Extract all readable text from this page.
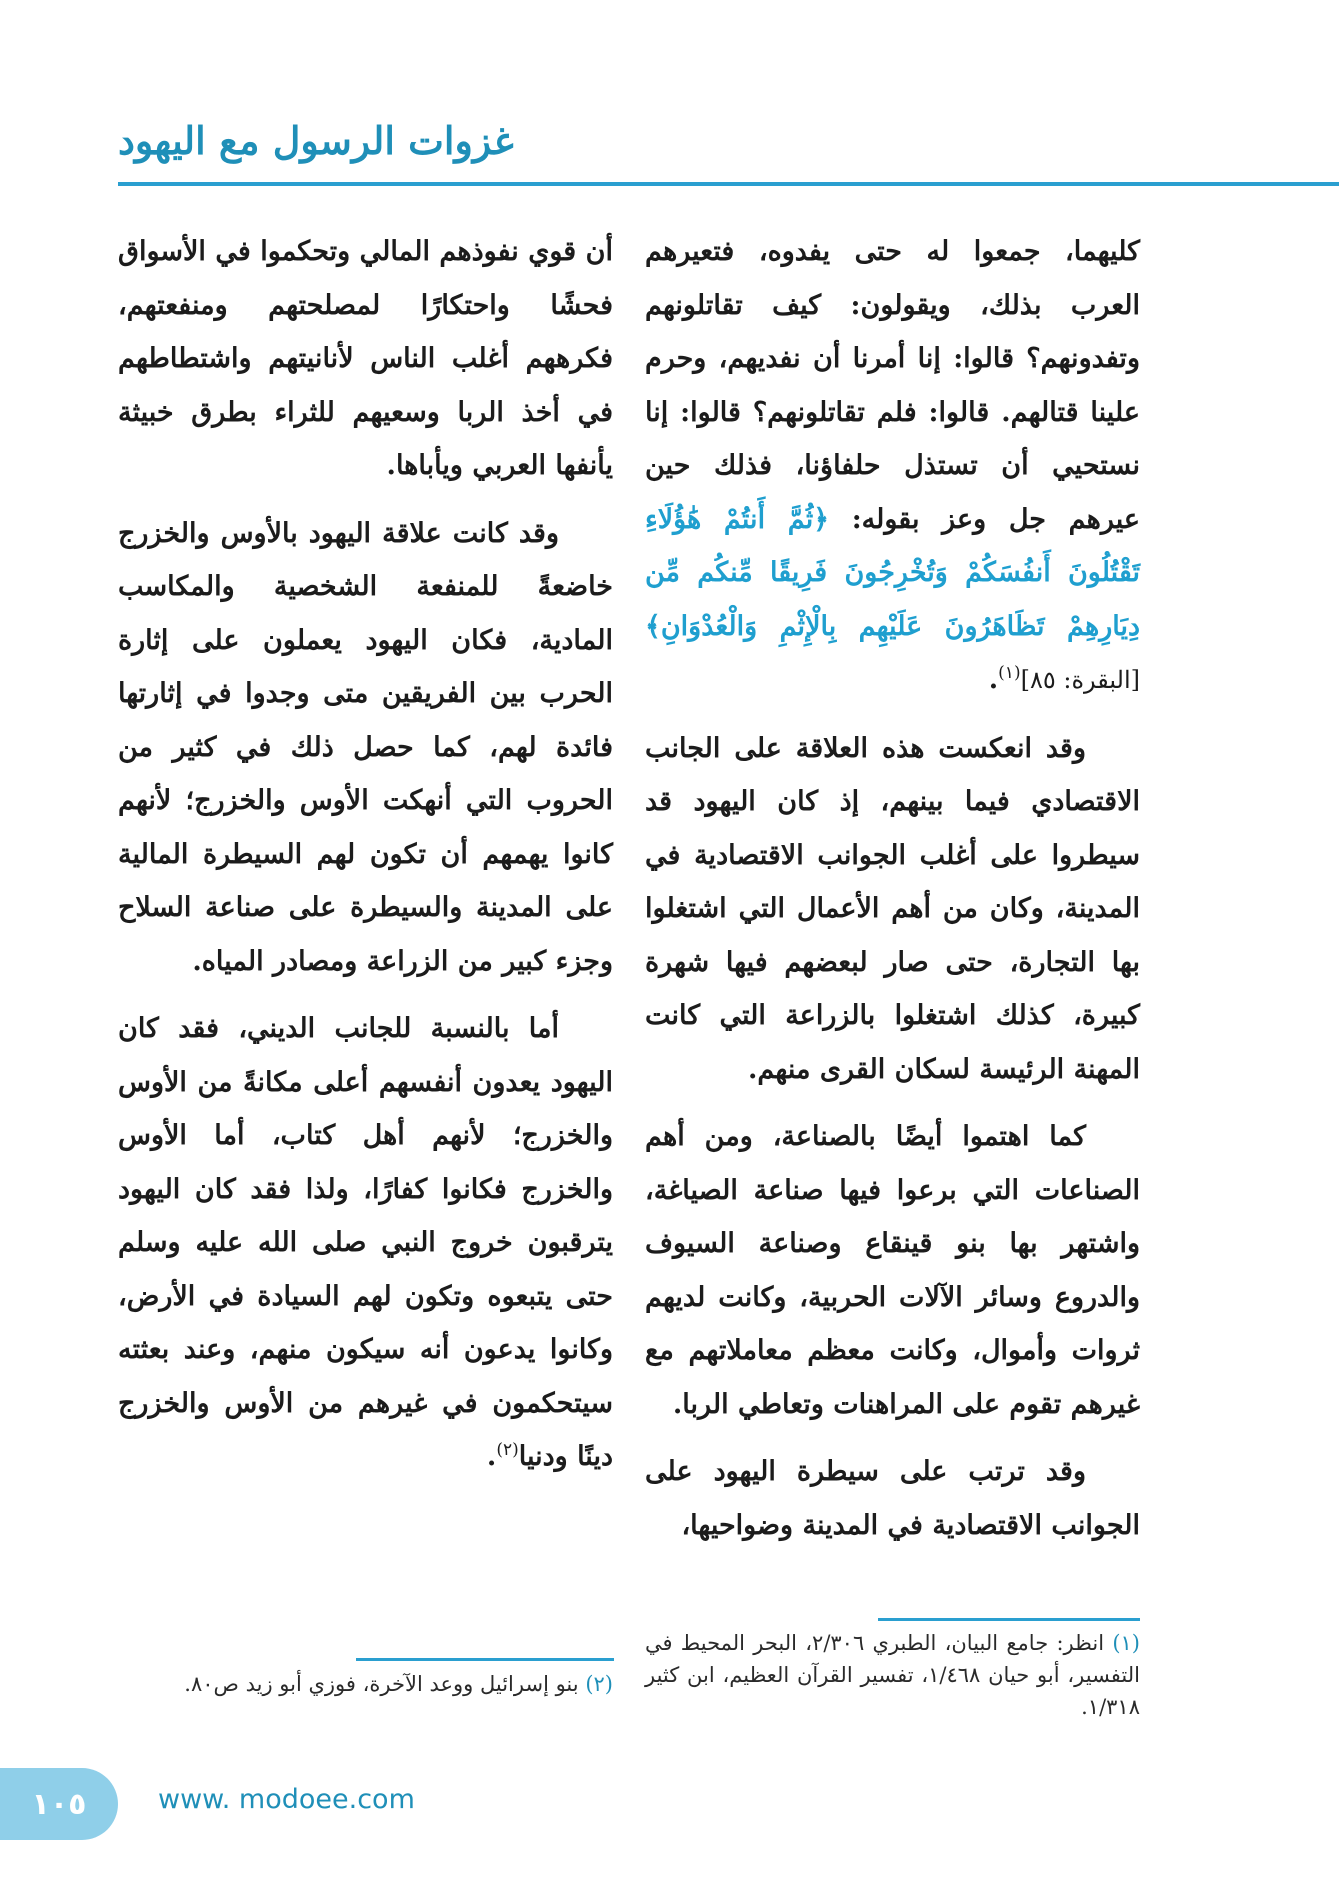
غزوات الرسول مع اليهود

كليهما، جمعوا له حتى يفدوه، فتعيرهم العرب بذلك، ويقولون: كيف تقاتلونهم وتفدونهم؟ قالوا: إنا أمرنا أن نفديهم، وحرم علينا قتالهم. قالوا: فلم تقاتلونهم؟ قالوا: إنا نستحيي أن تستذل حلفاؤنا، فذلك حين عيرهم جل وعز بقوله: ﴿ثُمَّ أَنتُمْ هَٰؤُلَاءِ تَقْتُلُونَ أَنفُسَكُمْ وَتُخْرِجُونَ فَرِيقًا مِّنكُم مِّن دِيَارِهِمْ تَظَاهَرُونَ عَلَيْهِم بِالْإِثْمِ وَالْعُدْوَانِ﴾ [البقرة: ٨٥]$^{(١)}$.

وقد انعكست هذه العلاقة على الجانب الاقتصادي فيما بينهم، إذ كان اليهود قد سيطروا على أغلب الجوانب الاقتصادية في المدينة، وكان من أهم الأعمال التي اشتغلوا بها التجارة، حتى صار لبعضهم فيها شهرة كبيرة، كذلك اشتغلوا بالزراعة التي كانت المهنة الرئيسة لسكان القرى منهم.

كما اهتموا أيضًا بالصناعة، ومن أهم الصناعات التي برعوا فيها صناعة الصياغة، واشتهر بها بنو قينقاع وصناعة السيوف والدروع وسائر الآلات الحربية، وكانت لديهم ثروات وأموال، وكانت معظم معاملاتهم مع غيرهم تقوم على المراهنات وتعاطي الربا.

وقد ترتب على سيطرة اليهود على الجوانب الاقتصادية في المدينة وضواحيها،

أن قوي نفوذهم المالي وتحكموا في الأسواق فحشًا واحتكارًا لمصلحتهم ومنفعتهم، فكرههم أغلب الناس لأنانيتهم واشتطاطهم في أخذ الربا وسعيهم للثراء بطرق خبيثة يأنفها العربي ويأباها.

وقد كانت علاقة اليهود بالأوس والخزرج خاضعةً للمنفعة الشخصية والمكاسب المادية، فكان اليهود يعملون على إثارة الحرب بين الفريقين متى وجدوا في إثارتها فائدة لهم، كما حصل ذلك في كثير من الحروب التي أنهكت الأوس والخزرج؛ لأنهم كانوا يهمهم أن تكون لهم السيطرة المالية على المدينة والسيطرة على صناعة السلاح وجزء كبير من الزراعة ومصادر المياه.

أما بالنسبة للجانب الديني، فقد كان اليهود يعدون أنفسهم أعلى مكانةً من الأوس والخزرج؛ لأنهم أهل كتاب، أما الأوس والخزرج فكانوا كفارًا، ولذا فقد كان اليهود يترقبون خروج النبي صلى الله عليه وسلم حتى يتبعوه وتكون لهم السيادة في الأرض، وكانوا يدعون أنه سيكون منهم، وعند بعثته سيتحكمون في غيرهم من الأوس والخزرج دينًا ودنيا$^{(٢)}$.

(١) انظر: جامع البيان، الطبري ٢/٣٠٦، البحر المحيط في التفسير، أبو حيان ١/٤٦٨، تفسير القرآن العظيم، ابن كثير ١/٣١٨.
(٢) بنو إسرائيل ووعد الآخرة، فوزي أبو زيد ص٨٠.
١٠٥	www. modoee.com
